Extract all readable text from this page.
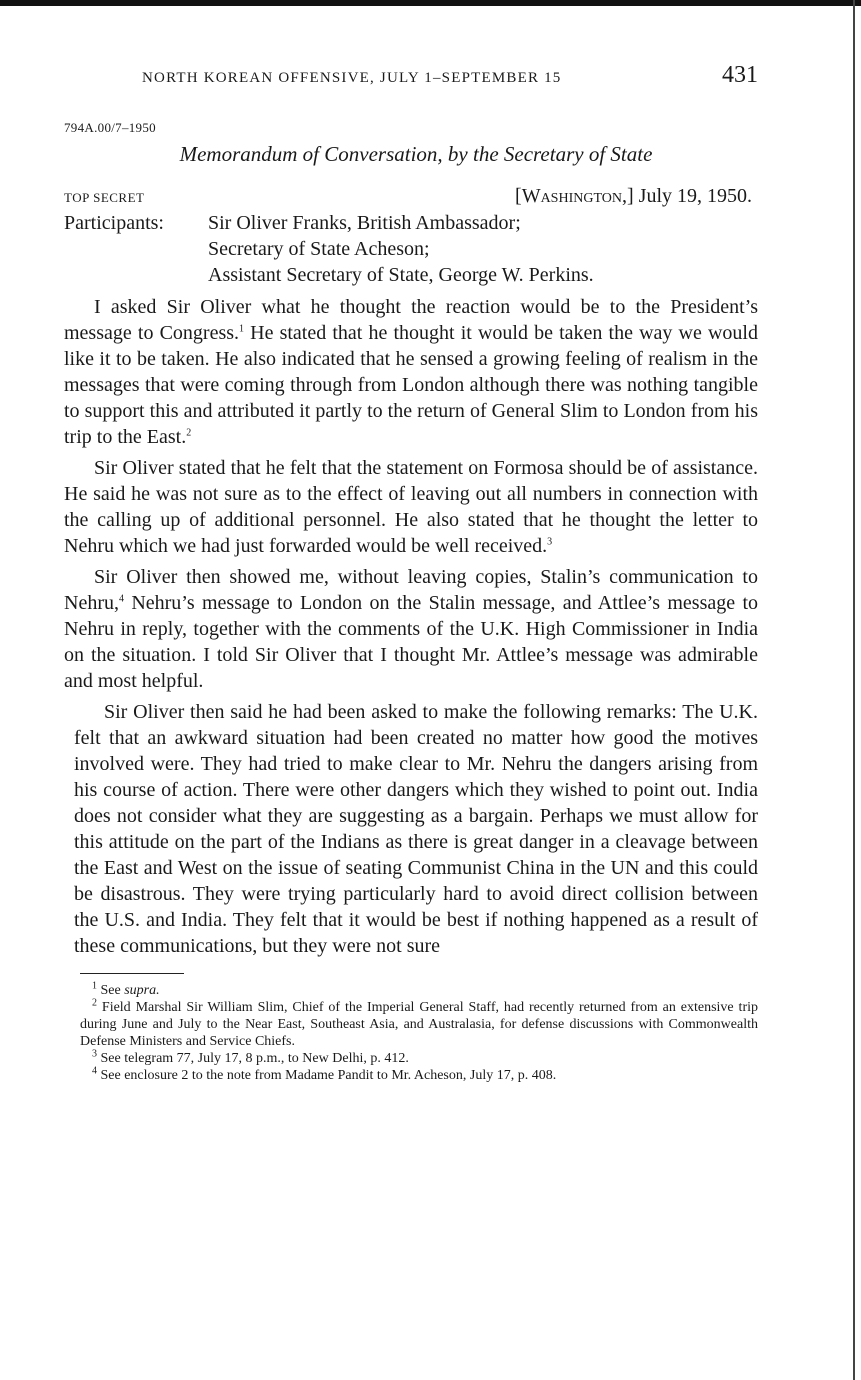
NORTH KOREAN OFFENSIVE, JULY 1–SEPTEMBER 15	431
794A.00/7–1950
Memorandum of Conversation, by the Secretary of State
TOP SECRET	[Washington,] July 19, 1950.
Participants:	Sir Oliver Franks, British Ambassador;
Secretary of State Acheson;
Assistant Secretary of State, George W. Perkins.

I asked Sir Oliver what he thought the reaction would be to the President’s message to Congress.$^1$ He stated that he thought it would be taken the way we would like it to be taken. He also indicated that he sensed a growing feeling of realism in the messages that were coming through from London although there was nothing tangible to support this and attributed it partly to the return of General Slim to London from his trip to the East.$^2$

Sir Oliver stated that he felt that the statement on Formosa should be of assistance. He said he was not sure as to the effect of leaving out all numbers in connection with the calling up of additional personnel. He also stated that he thought the letter to Nehru which we had just forwarded would be well received.$^3$

Sir Oliver then showed me, without leaving copies, Stalin’s communication to Nehru,$^4$ Nehru’s message to London on the Stalin message, and Attlee’s message to Nehru in reply, together with the comments of the U.K. High Commissioner in India on the situation. I told Sir Oliver that I thought Mr. Attlee’s message was admirable and most helpful.

Sir Oliver then said he had been asked to make the following remarks: The U.K. felt that an awkward situation had been created no matter how good the motives involved were. They had tried to make clear to Mr. Nehru the dangers arising from his course of action. There were other dangers which they wished to point out. India does not consider what they are suggesting as a bargain. Perhaps we must allow for this attitude on the part of the Indians as there is great danger in a cleavage between the East and West on the issue of seating Communist China in the UN and this could be disastrous. They were trying particularly hard to avoid direct collision between the U.S. and India. They felt that it would be best if nothing happened as a result of these communications, but they were not sure

$^1$ See supra.

$^2$ Field Marshal Sir William Slim, Chief of the Imperial General Staff, had recently returned from an extensive trip during June and July to the Near East, Southeast Asia, and Australasia, for defense discussions with Commonwealth Defense Ministers and Service Chiefs.

$^3$ See telegram 77, July 17, 8 p.m., to New Delhi, p. 412.

$^4$ See enclosure 2 to the note from Madame Pandit to Mr. Acheson, July 17, p. 408.
